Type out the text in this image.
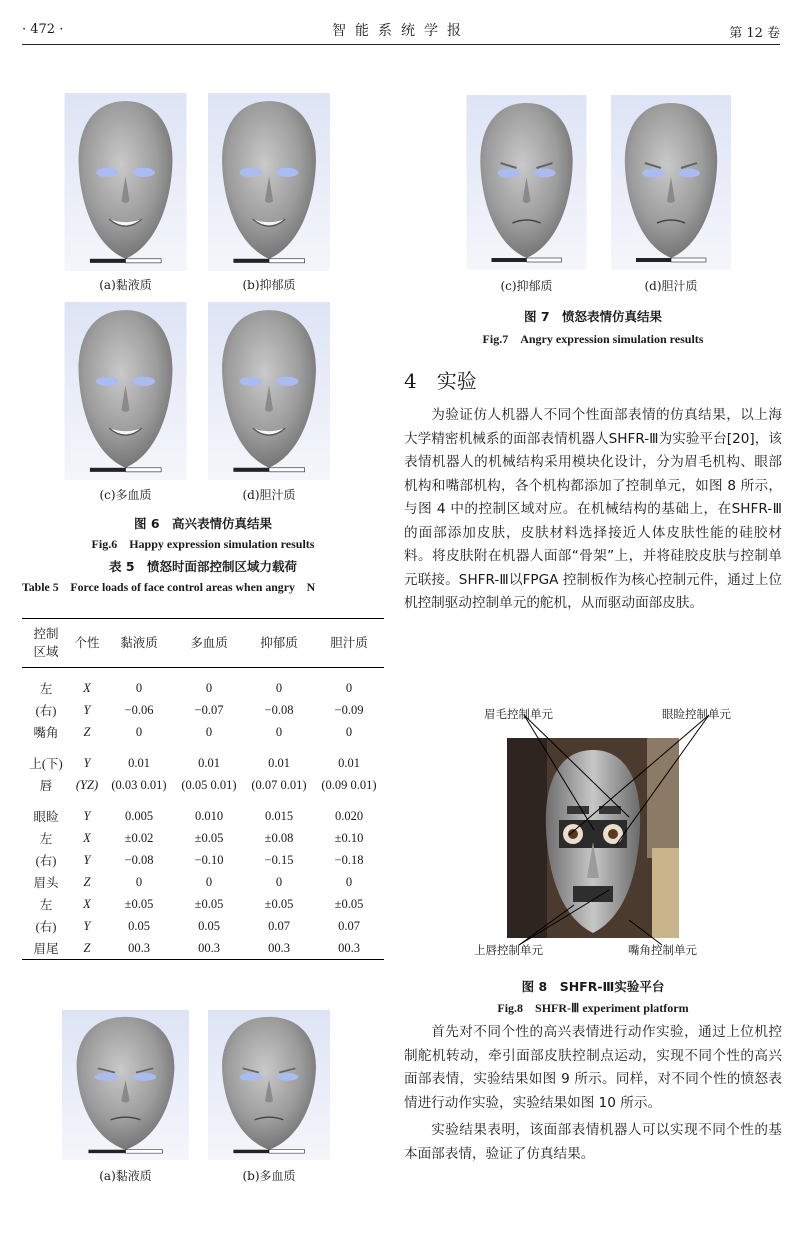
· 472 ·	智能系统学报	第 12 卷
(a)黏液质	(b)抑郁质
(c)多血质	(d)胆汁质
图 6　高兴表情仿真结果
Fig.6　Happy expression simulation results
表 5　愤怒时面部控制区域力载荷
Table 5　Force loads of face control areas when angry　N
控制
区域	个性	黏液质	多血质	抑郁质	胆汁质

左	X	0	0	0	0
(右)	Y	−0.06	−0.07	−0.08	−0.09
嘴角	Z	0	0	0	0

上(下)	Y	0.01	0.01	0.01	0.01
唇	(YZ)	(0.03 0.01)	(0.05 0.01)	(0.07 0.01)	(0.09 0.01)

眼睑	Y	0.005	0.010	0.015	0.020
左	X	±0.02	±0.05	±0.08	±0.10
(右)	Y	−0.08	−0.10	−0.15	−0.18
眉头	Z	0	0	0	0
左	X	±0.05	±0.05	±0.05	±0.05
(右)	Y	0.05	0.05	0.07	0.07
眉尾	Z	00.3	00.3	00.3	00.3
(a)黏液质	(b)多血质
(c)抑郁质	(d)胆汁质
图 7　愤怒表情仿真结果
Fig.7　Angry expression simulation results
4　实验

为验证仿人机器人不同个性面部表情的仿真结果，以上海大学精密机械系的面部表情机器人SHFR-Ⅲ为实验平台[20]，该表情机器人的机械结构采用模块化设计，分为眉毛机构、眼部机构和嘴部机构，各个机构都添加了控制单元，如图 8 所示，与图 4 中的控制区域对应。在机械结构的基础上，在SHFR-Ⅲ的面部添加皮肤，皮肤材料选择接近人体皮肤性能的硅胶材料。将皮肤附在机器人面部“骨架”上，并将硅胶皮肤与控制单元联接。SHFR-Ⅲ以FPGA 控制板作为核心控制元件，通过上位机控制驱动控制单元的舵机，从而驱动面部皮肤。

眉毛控制单元	眼睑控制单元
上唇控制单元	嘴角控制单元
图 8　SHFR-Ⅲ实验平台
Fig.8　SHFR-Ⅲ experiment platform

首先对不同个性的高兴表情进行动作实验，通过上位机控制舵机转动，牵引面部皮肤控制点运动，实现不同个性的高兴面部表情，实验结果如图 9 所示。同样，对不同个性的愤怒表情进行动作实验，实验结果如图 10 所示。

实验结果表明，该面部表情机器人可以实现不同个性的基本面部表情，验证了仿真结果。
